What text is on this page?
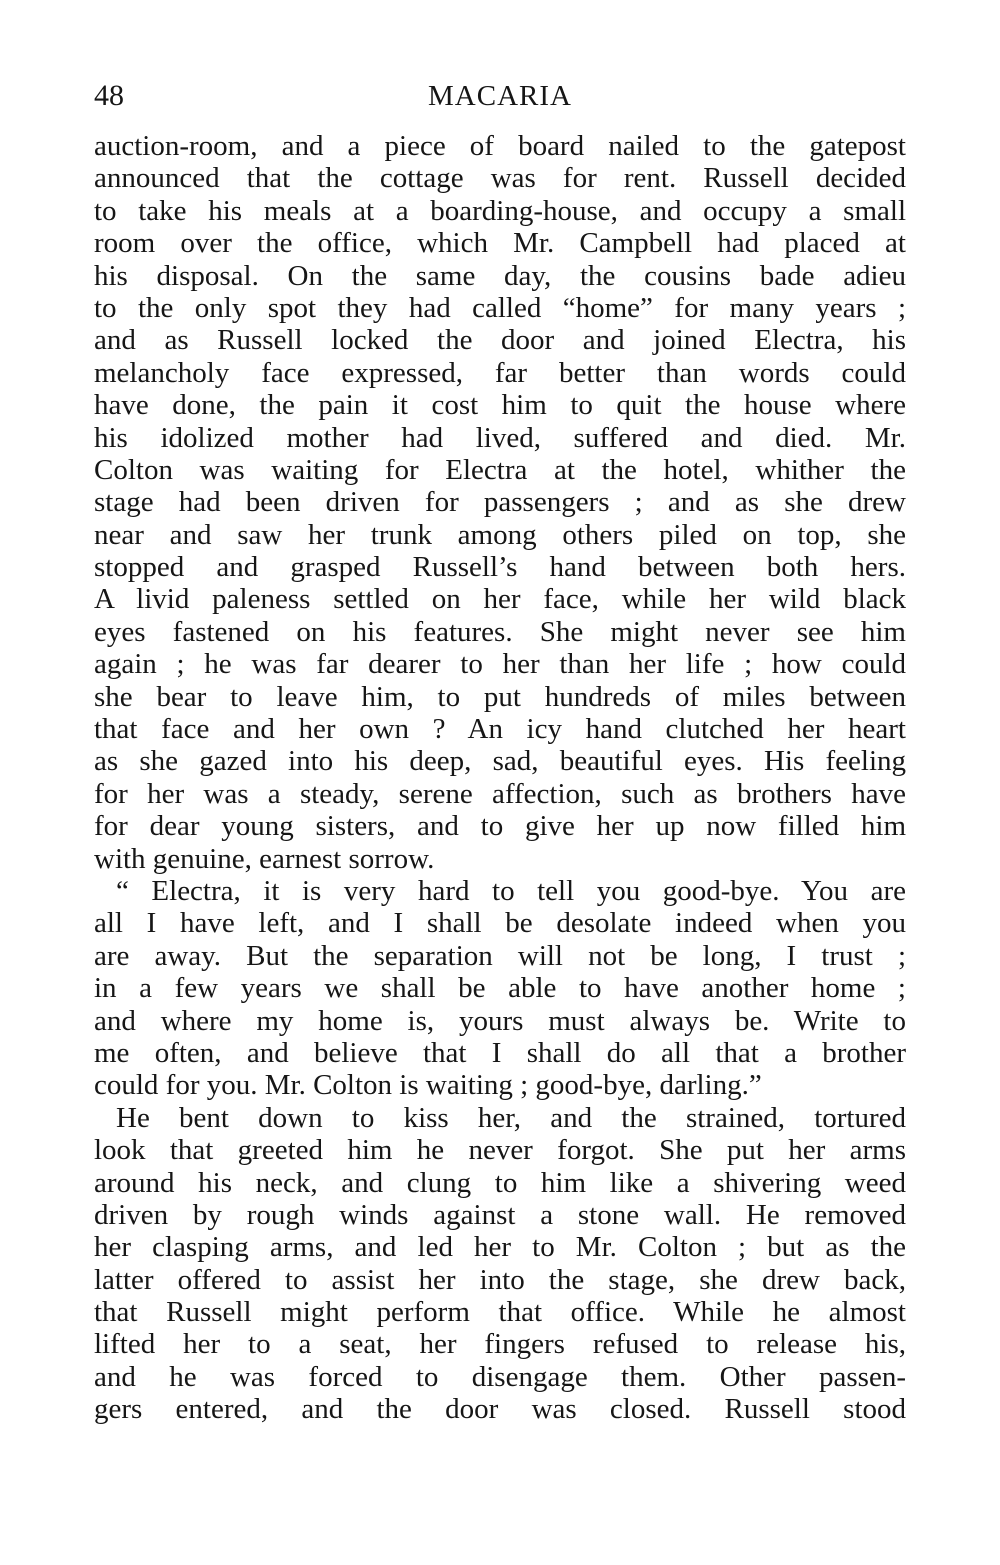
48	MACARIA
auction-room, and a piece of board nailed to the gatepost
announced that the cottage was for rent. Russell decided
to take his meals at a boarding-house, and occupy a small
room over the office, which Mr. Campbell had placed at
his disposal. On the same day, the cousins bade adieu
to the only spot they had called “home” for many years ;
and as Russell locked the door and joined Electra, his
melancholy face expressed, far better than words could
have done, the pain it cost him to quit the house where
his idolized mother had lived, suffered and died. Mr.
Colton was waiting for Electra at the hotel, whither the
stage had been driven for passengers ; and as she drew
near and saw her trunk among others piled on top, she
stopped and grasped Russell’s hand between both hers.
A livid paleness settled on her face, while her wild black
eyes fastened on his features. She might never see him
again ; he was far dearer to her than her life ; how could
she bear to leave him, to put hundreds of miles between
that face and her own ? An icy hand clutched her heart
as she gazed into his deep, sad, beautiful eyes. His feeling
for her was a steady, serene affection, such as brothers have
for dear young sisters, and to give her up now filled him
with genuine, earnest sorrow.
“ Electra, it is very hard to tell you good-bye. You are
all I have left, and I shall be desolate indeed when you
are away. But the separation will not be long, I trust ;
in a few years we shall be able to have another home ;
and where my home is, yours must always be. Write to
me often, and believe that I shall do all that a brother
could for you. Mr. Colton is waiting ; good-bye, darling.”
He bent down to kiss her, and the strained, tortured
look that greeted him he never forgot. She put her arms
around his neck, and clung to him like a shivering weed
driven by rough winds against a stone wall. He removed
her clasping arms, and led her to Mr. Colton ; but as the
latter offered to assist her into the stage, she drew back,
that Russell might perform that office. While he almost
lifted her to a seat, her fingers refused to release his,
and he was forced to disengage them. Other passen-
gers entered, and the door was closed. Russell stood
